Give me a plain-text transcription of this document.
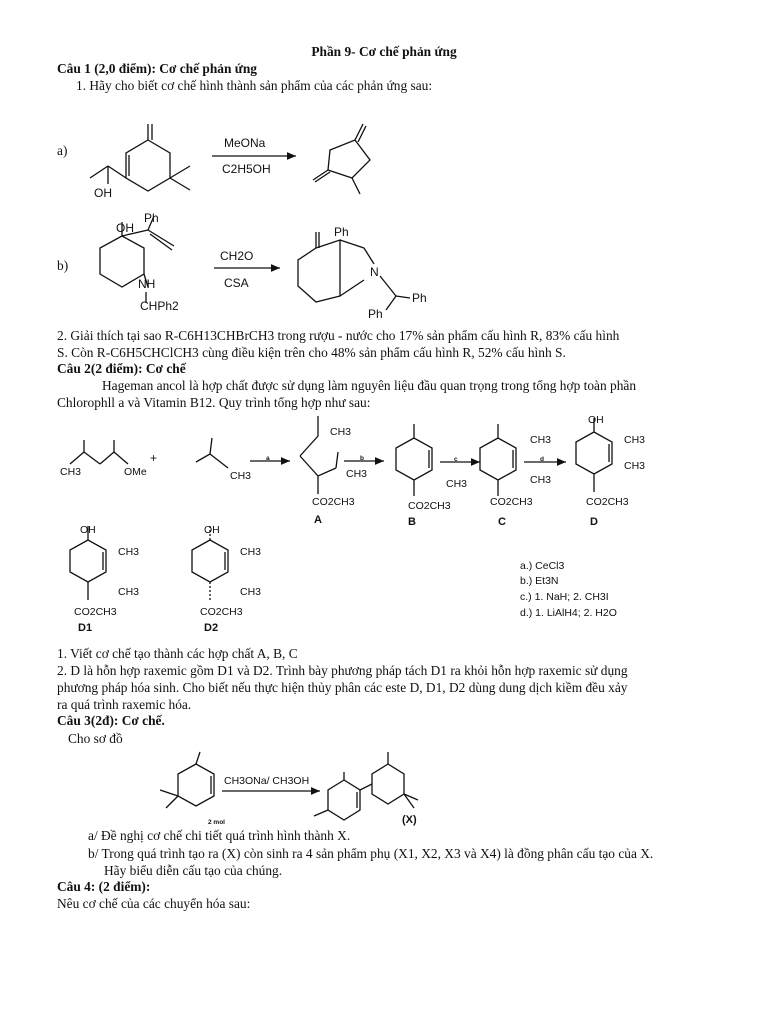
Phần 9- Cơ chế phản ứng
Câu 1 (2,0 điểm): Cơ chế phản ứng
1. Hãy cho biết cơ chế hình thành sản phẩm của các phản ứng sau:
2. Giải thích tại sao R-C6H13CHBrCH3 trong rượu - nước cho 17% sản phẩm cấu hình R, 83% cấu hình
S. Còn R-C6H5CHClCH3 cùng điều kiện trên cho 48% sản phẩm cấu hình R, 52% cấu hình S.
Câu 2(2 điểm): Cơ chế
Hageman ancol là hợp chất được sử dụng làm nguyên liệu đầu quan trọng trong tổng hợp toàn phần
Chlorophll a và Vitamin B12. Quy trình tổng hợp như sau:
1. Viết cơ chế tạo thành các hợp chất A, B, C
2. D là hỗn hợp raxemic gồm D1 và D2. Trình bày phương pháp tách D1 ra khỏi hỗn hợp raxemic sử dụng
phương pháp hóa sinh. Cho biết nếu thực hiện thủy phân các este D, D1, D2 dùng dung dịch kiềm đều xảy
ra quá trình raxemic hóa.
Câu 3(2đ): Cơ chế.
Cho sơ đồ
a/ Đề nghị cơ chế chi tiết quá trình hình thành X.
b/ Trong quá trình tạo ra (X) còn sinh ra 4 sản phẩm phụ (X1, X2, X3 và X4) là đồng phân cấu tạo của X.
Hãy biểu diễn cấu tạo của chúng.
Câu 4: (2 điểm):
Nêu cơ chế của các chuyển hóa sau:
a)	MeONa
C2H5OH
OH
b)
OH
Ph
NH
CHPh2
CH2O
CSA
Ph
N
Ph
Ph
CH3	OMe
+
CH3
a
CH3
CH3
CO2CH3
A
b
CH3
CO2CH3
B
c
CH3
CH3
CO2CH3
C
d
OH
CH3
CH3
CO2CH3
D
OH
CH3
CH3
CO2CH3
D1
OH
CH3
CH3
CO2CH3
D2
a.) CeCl3
b.) Et3N
c.) 1. NaH; 2. CH3I
d.) 1. LiAlH4; 2. H2O
CH3ONa/ CH3OH
2 mol	(X)
